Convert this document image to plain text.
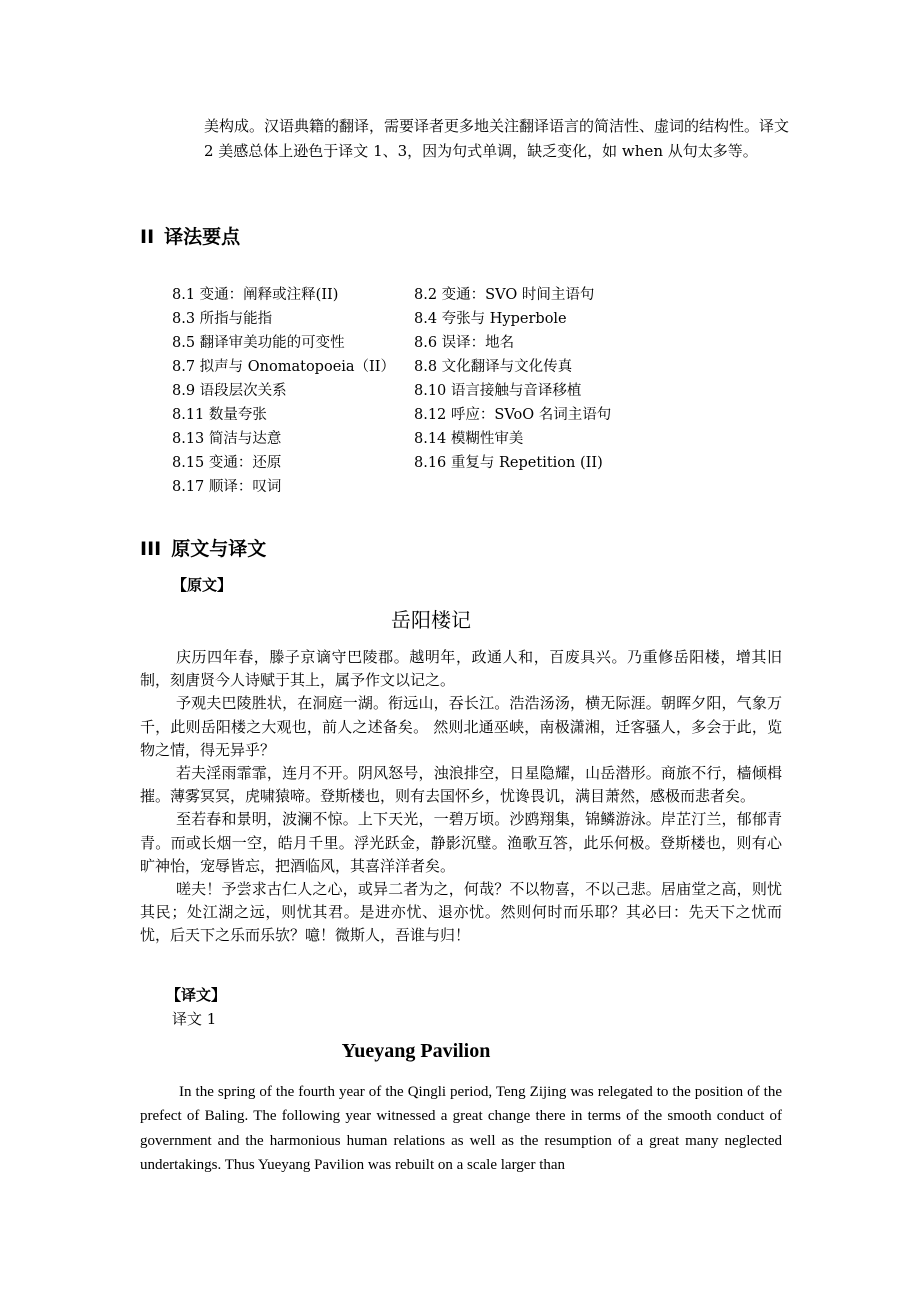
美构成。汉语典籍的翻译，需要译者更多地关注翻译语言的简洁性、虚词的结构性。译文 2 美感总体上逊色于译文 1、3，因为句式单调，缺乏变化，如 when 从句太多等。

II 译法要点
8.1 变通：阐释或注释(II)	8.2 变通：SVO 时间主语句
8.3 所指与能指	8.4 夸张与 Hyperbole
8.5 翻译审美功能的可变性	8.6 误译：地名
8.7 拟声与 Onomatopoeia（II） 8.8 文化翻译与文化传真
8.9 语段层次关系	8.10 语言接触与音译移植
8.11 数量夸张	8.12 呼应：SVoO 名词主语句
8.13 简洁与达意	8.14 模糊性审美
8.15 变通：还原	8.16 重复与 Repetition (II)
8.17 顺译：叹词
III 原文与译文

【原文】

岳阳楼记

庆历四年春，滕子京谪守巴陵郡。越明年，政通人和，百废具兴。乃重修岳阳楼，增其旧制，刻唐贤今人诗赋于其上，属予作文以记之。

予观夫巴陵胜状，在洞庭一湖。衔远山，吞长江。浩浩汤汤，横无际涯。朝晖夕阳，气象万千，此则岳阳楼之大观也，前人之述备矣。 然则北通巫峡，南极潇湘，迁客骚人，多会于此，览物之情，得无异乎？

若夫淫雨霏霏，连月不开。阴风怒号，浊浪排空，日星隐耀，山岳潜形。商旅不行，樯倾楫摧。薄雾冥冥，虎啸猿啼。登斯楼也，则有去国怀乡，忧谗畏讥，满目萧然，感极而悲者矣。

至若春和景明，波澜不惊。上下天光，一碧万顷。沙鸥翔集，锦鳞游泳。岸芷汀兰，郁郁青青。而或长烟一空，皓月千里。浮光跃金，静影沉璧。渔歌互答，此乐何极。登斯楼也，则有心旷神怡，宠辱皆忘，把酒临风，其喜洋洋者矣。

嗟夫！予尝求古仁人之心，或异二者为之，何哉？不以物喜，不以己悲。居庙堂之高，则忧其民；处江湖之远，则忧其君。是进亦忧、退亦忧。然则何时而乐耶？其必曰：先天下之忧而忧，后天下之乐而乐欤？噫！微斯人，吾谁与归！

【译文】

译文 1

Yueyang Pavilion

In the spring of the fourth year of the Qingli period, Teng Zijing was relegated to the position of the prefect of Baling. The following year witnessed a great change there in terms of the smooth conduct of government and the harmonious human relations as well as the resumption of a great many neglected undertakings. Thus Yueyang Pavilion was rebuilt on a scale larger than
